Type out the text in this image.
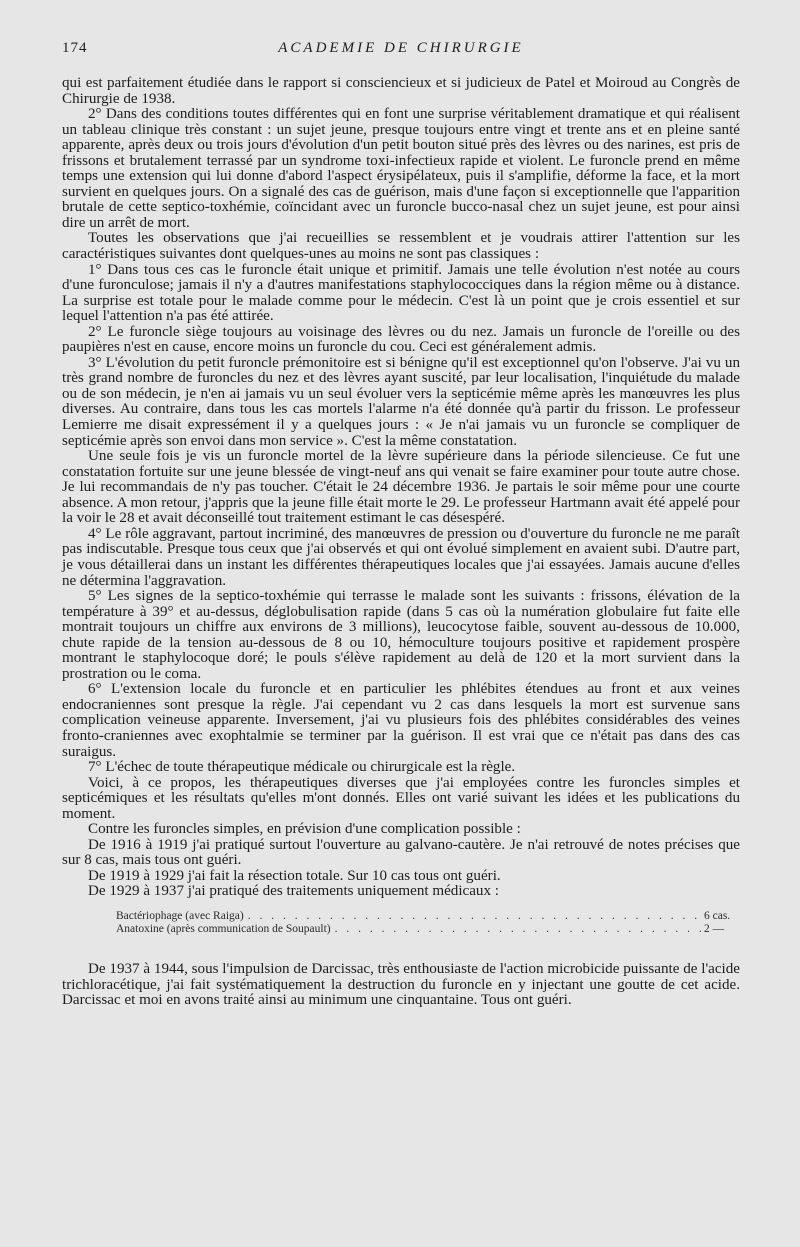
174	ACADEMIE DE CHIRURGIE

qui est parfaitement étudiée dans le rapport si consciencieux et si judicieux de Patel et Moiroud au Congrès de Chirurgie de 1938.

2° Dans des conditions toutes différentes qui en font une surprise véritablement dramatique et qui réalisent un tableau clinique très constant : un sujet jeune, presque toujours entre vingt et trente ans et en pleine santé apparente, après deux ou trois jours d'évolution d'un petit bouton situé près des lèvres ou des narines, est pris de frissons et brutalement terrassé par un syndrome toxi-infectieux rapide et violent. Le furoncle prend en même temps une extension qui lui donne d'abord l'aspect érysipélateux, puis il s'amplifie, déforme la face, et la mort survient en quelques jours. On a signalé des cas de guérison, mais d'une façon si exceptionnelle que l'apparition brutale de cette septico-toxhémie, coïncidant avec un furoncle bucco-nasal chez un sujet jeune, est pour ainsi dire un arrêt de mort.

Toutes les observations que j'ai recueillies se ressemblent et je voudrais attirer l'attention sur les caractéristiques suivantes dont quelques-unes au moins ne sont pas classiques :

1° Dans tous ces cas le furoncle était unique et primitif. Jamais une telle évolution n'est notée au cours d'une furonculose; jamais il n'y a d'autres manifestations staphylococciques dans la région même ou à distance. La surprise est totale pour le malade comme pour le médecin. C'est là un point que je crois essentiel et sur lequel l'attention n'a pas été attirée.

2° Le furoncle siège toujours au voisinage des lèvres ou du nez. Jamais un furoncle de l'oreille ou des paupières n'est en cause, encore moins un furoncle du cou. Ceci est généralement admis.

3° L'évolution du petit furoncle prémonitoire est si bénigne qu'il est exceptionnel qu'on l'observe. J'ai vu un très grand nombre de furoncles du nez et des lèvres ayant suscité, par leur localisation, l'inquiétude du malade ou de son médecin, je n'en ai jamais vu un seul évoluer vers la septicémie même après les manœuvres les plus diverses. Au contraire, dans tous les cas mortels l'alarme n'a été donnée qu'à partir du frisson. Le professeur Lemierre me disait expressément il y a quelques jours : « Je n'ai jamais vu un furoncle se compliquer de septicémie après son envoi dans mon service ». C'est la même constatation.

Une seule fois je vis un furoncle mortel de la lèvre supérieure dans la période silencieuse. Ce fut une constatation fortuite sur une jeune blessée de vingt-neuf ans qui venait se faire examiner pour toute autre chose. Je lui recommandais de n'y pas toucher. C'était le 24 décembre 1936. Je partais le soir même pour une courte absence. A mon retour, j'appris que la jeune fille était morte le 29. Le professeur Hartmann avait été appelé pour la voir le 28 et avait déconseillé tout traitement estimant le cas désespéré.

4° Le rôle aggravant, partout incriminé, des manœuvres de pression ou d'ouverture du furoncle ne me paraît pas indiscutable. Presque tous ceux que j'ai observés et qui ont évolué simplement en avaient subi. D'autre part, je vous détaillerai dans un instant les différentes thérapeutiques locales que j'ai essayées. Jamais aucune d'elles ne détermina l'aggravation.

5° Les signes de la septico-toxhémie qui terrasse le malade sont les suivants : frissons, élévation de la température à 39° et au-dessus, déglobulisation rapide (dans 5 cas où la numération globulaire fut faite elle montrait toujours un chiffre aux environs de 3 millions), leucocytose faible, souvent au-dessous de 10.000, chute rapide de la tension au-dessous de 8 ou 10, hémoculture toujours positive et rapidement prospère montrant le staphylocoque doré; le pouls s'élève rapidement au delà de 120 et la mort survient dans la prostration ou le coma.

6° L'extension locale du furoncle et en particulier les phlébites étendues au front et aux veines endocraniennes sont presque la règle. J'ai cependant vu 2 cas dans lesquels la mort est survenue sans complication veineuse apparente. Inversement, j'ai vu plusieurs fois des phlébites considérables des veines fronto-craniennes avec exophtalmie se terminer par la guérison. Il est vrai que ce n'était pas dans des cas suraigus.

7° L'échec de toute thérapeutique médicale ou chirurgicale est la règle.

Voici, à ce propos, les thérapeutiques diverses que j'ai employées contre les furoncles simples et septicémiques et les résultats qu'elles m'ont donnés. Elles ont varié suivant les idées et les publications du moment.

Contre les furoncles simples, en prévision d'une complication possible :

De 1916 à 1919 j'ai pratiqué surtout l'ouverture au galvano-cautère. Je n'ai retrouvé de notes précises que sur 8 cas, mais tous ont guéri.

De 1919 à 1929 j'ai fait la résection totale. Sur 10 cas tous ont guéri.

De 1929 à 1937 j'ai pratiqué des traitements uniquement médicaux :

Bactériophage (avec Raiga) . . .	6 cas.
Anatoxine (après communication de Soupault) . . .	2 —

De 1937 à 1944, sous l'impulsion de Darcissac, très enthousiaste de l'action microbicide puissante de l'acide trichloracétique, j'ai fait systématiquement la destruction du furoncle en y injectant une goutte de cet acide. Darcissac et moi en avons traité ainsi au minimum une cinquantaine. Tous ont guéri.
